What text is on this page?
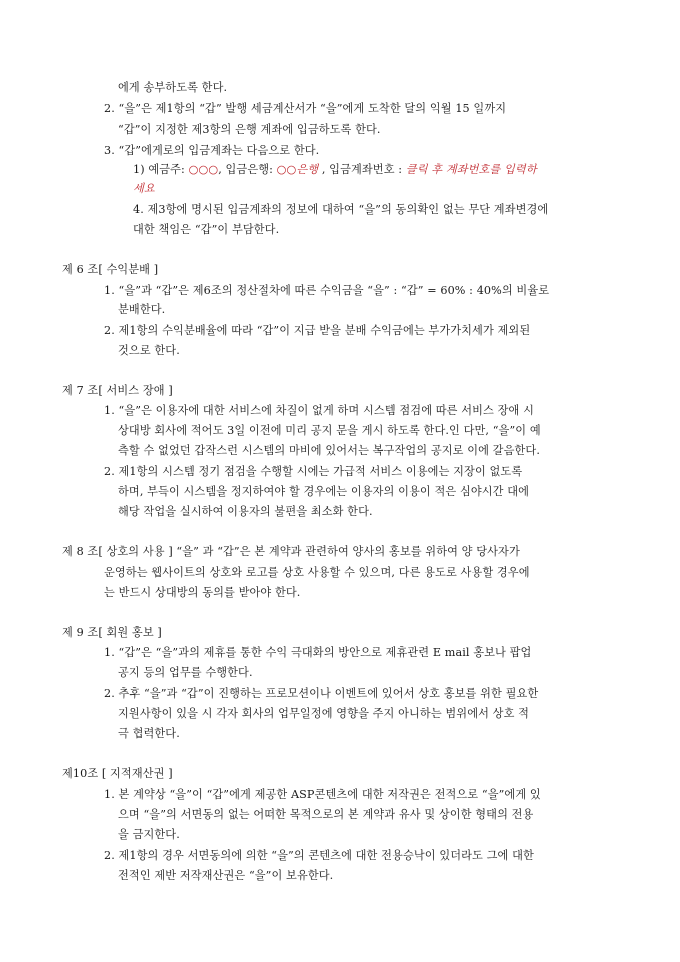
에게 송부하도록 한다.
2. “을”은 제1항의 “갑” 발행 세금계산서가 “을”에게 도착한 달의 익월 15 일까지
“갑”이 지정한 제3항의 은행 계좌에 입금하도록 한다.
3. “갑”에게로의 입금계좌는 다음으로 한다.
1) 예금주: ○○○, 입금은행: ○○은행 , 입금계좌번호 : 클릭 후 계좌번호를 입력하
세요
4. 제3항에 명시된 입금계좌의 정보에 대하여 “을”의 동의확인 없는 무단 계좌변경에
대한 책임은 “갑”이 부담한다.
제 6 조[ 수익분배 ]
1. “을”과 “갑”은 제6조의 정산절차에 따른 수익금을 “을” : “갑” = 60% : 40%의 비율로
분배한다.
2. 제1항의 수익분배율에 따라 “갑”이 지급 받을 분배 수익금에는 부가가치세가 제외된
것으로 한다.
제 7 조[ 서비스 장애 ]
1. “을”은 이용자에 대한 서비스에 차질이 없게 하며 시스템 점검에 따른 서비스 장애 시
상대방 회사에 적어도 3일 이전에 미리 공지 문을 게시 하도록 한다.인 다만, “을”이 예
측할 수 없었던 갑작스런 시스템의 마비에 있어서는 복구작업의 공지로 이에 갈음한다.
2. 제1항의 시스템 정기 점검을 수행할 시에는 가급적 서비스 이용에는 지장이 없도록
하며, 부득이 시스템을 정지하여야 할 경우에는 이용자의 이용이 적은 심야시간 대에
해당 작업을 실시하여 이용자의 불편을 최소화 한다.
제 8 조[ 상호의 사용 ] “을” 과 “갑”은 본 계약과 관련하여 양사의 홍보를 위하여 양 당사자가
운영하는 웹사이트의 상호와 로고를 상호 사용할 수 있으며, 다른 용도로 사용할 경우에
는 반드시 상대방의 동의를 받아야 한다.
제 9 조[ 회원 홍보 ]
1. “갑”은 “을”과의 제휴를 통한 수익 극대화의 방안으로 제휴관련 E mail 홍보나 팝업
공지 등의 업무를 수행한다.
2. 추후 “을”과 “갑”이 진행하는 프로모션이나 이벤트에 있어서 상호 홍보를 위한 필요한
지원사항이 있을 시 각자 회사의 업무일정에 영향을 주지 아니하는 범위에서 상호 적
극 협력한다.
제10조 [ 지적재산권 ]
1. 본 계약상 “을”이 “갑”에게 제공한 ASP콘텐츠에 대한 저작권은 전적으로 “을”에게 있
으며 “을”의 서면동의 없는 어떠한 목적으로의 본 계약과 유사 및 상이한 형태의 전용
을 금지한다.
2. 제1항의 경우 서면동의에 의한 “을”의 콘텐츠에 대한 전용승낙이 있더라도 그에 대한
전적인 제반 저작재산권은 “을”이 보유한다.
